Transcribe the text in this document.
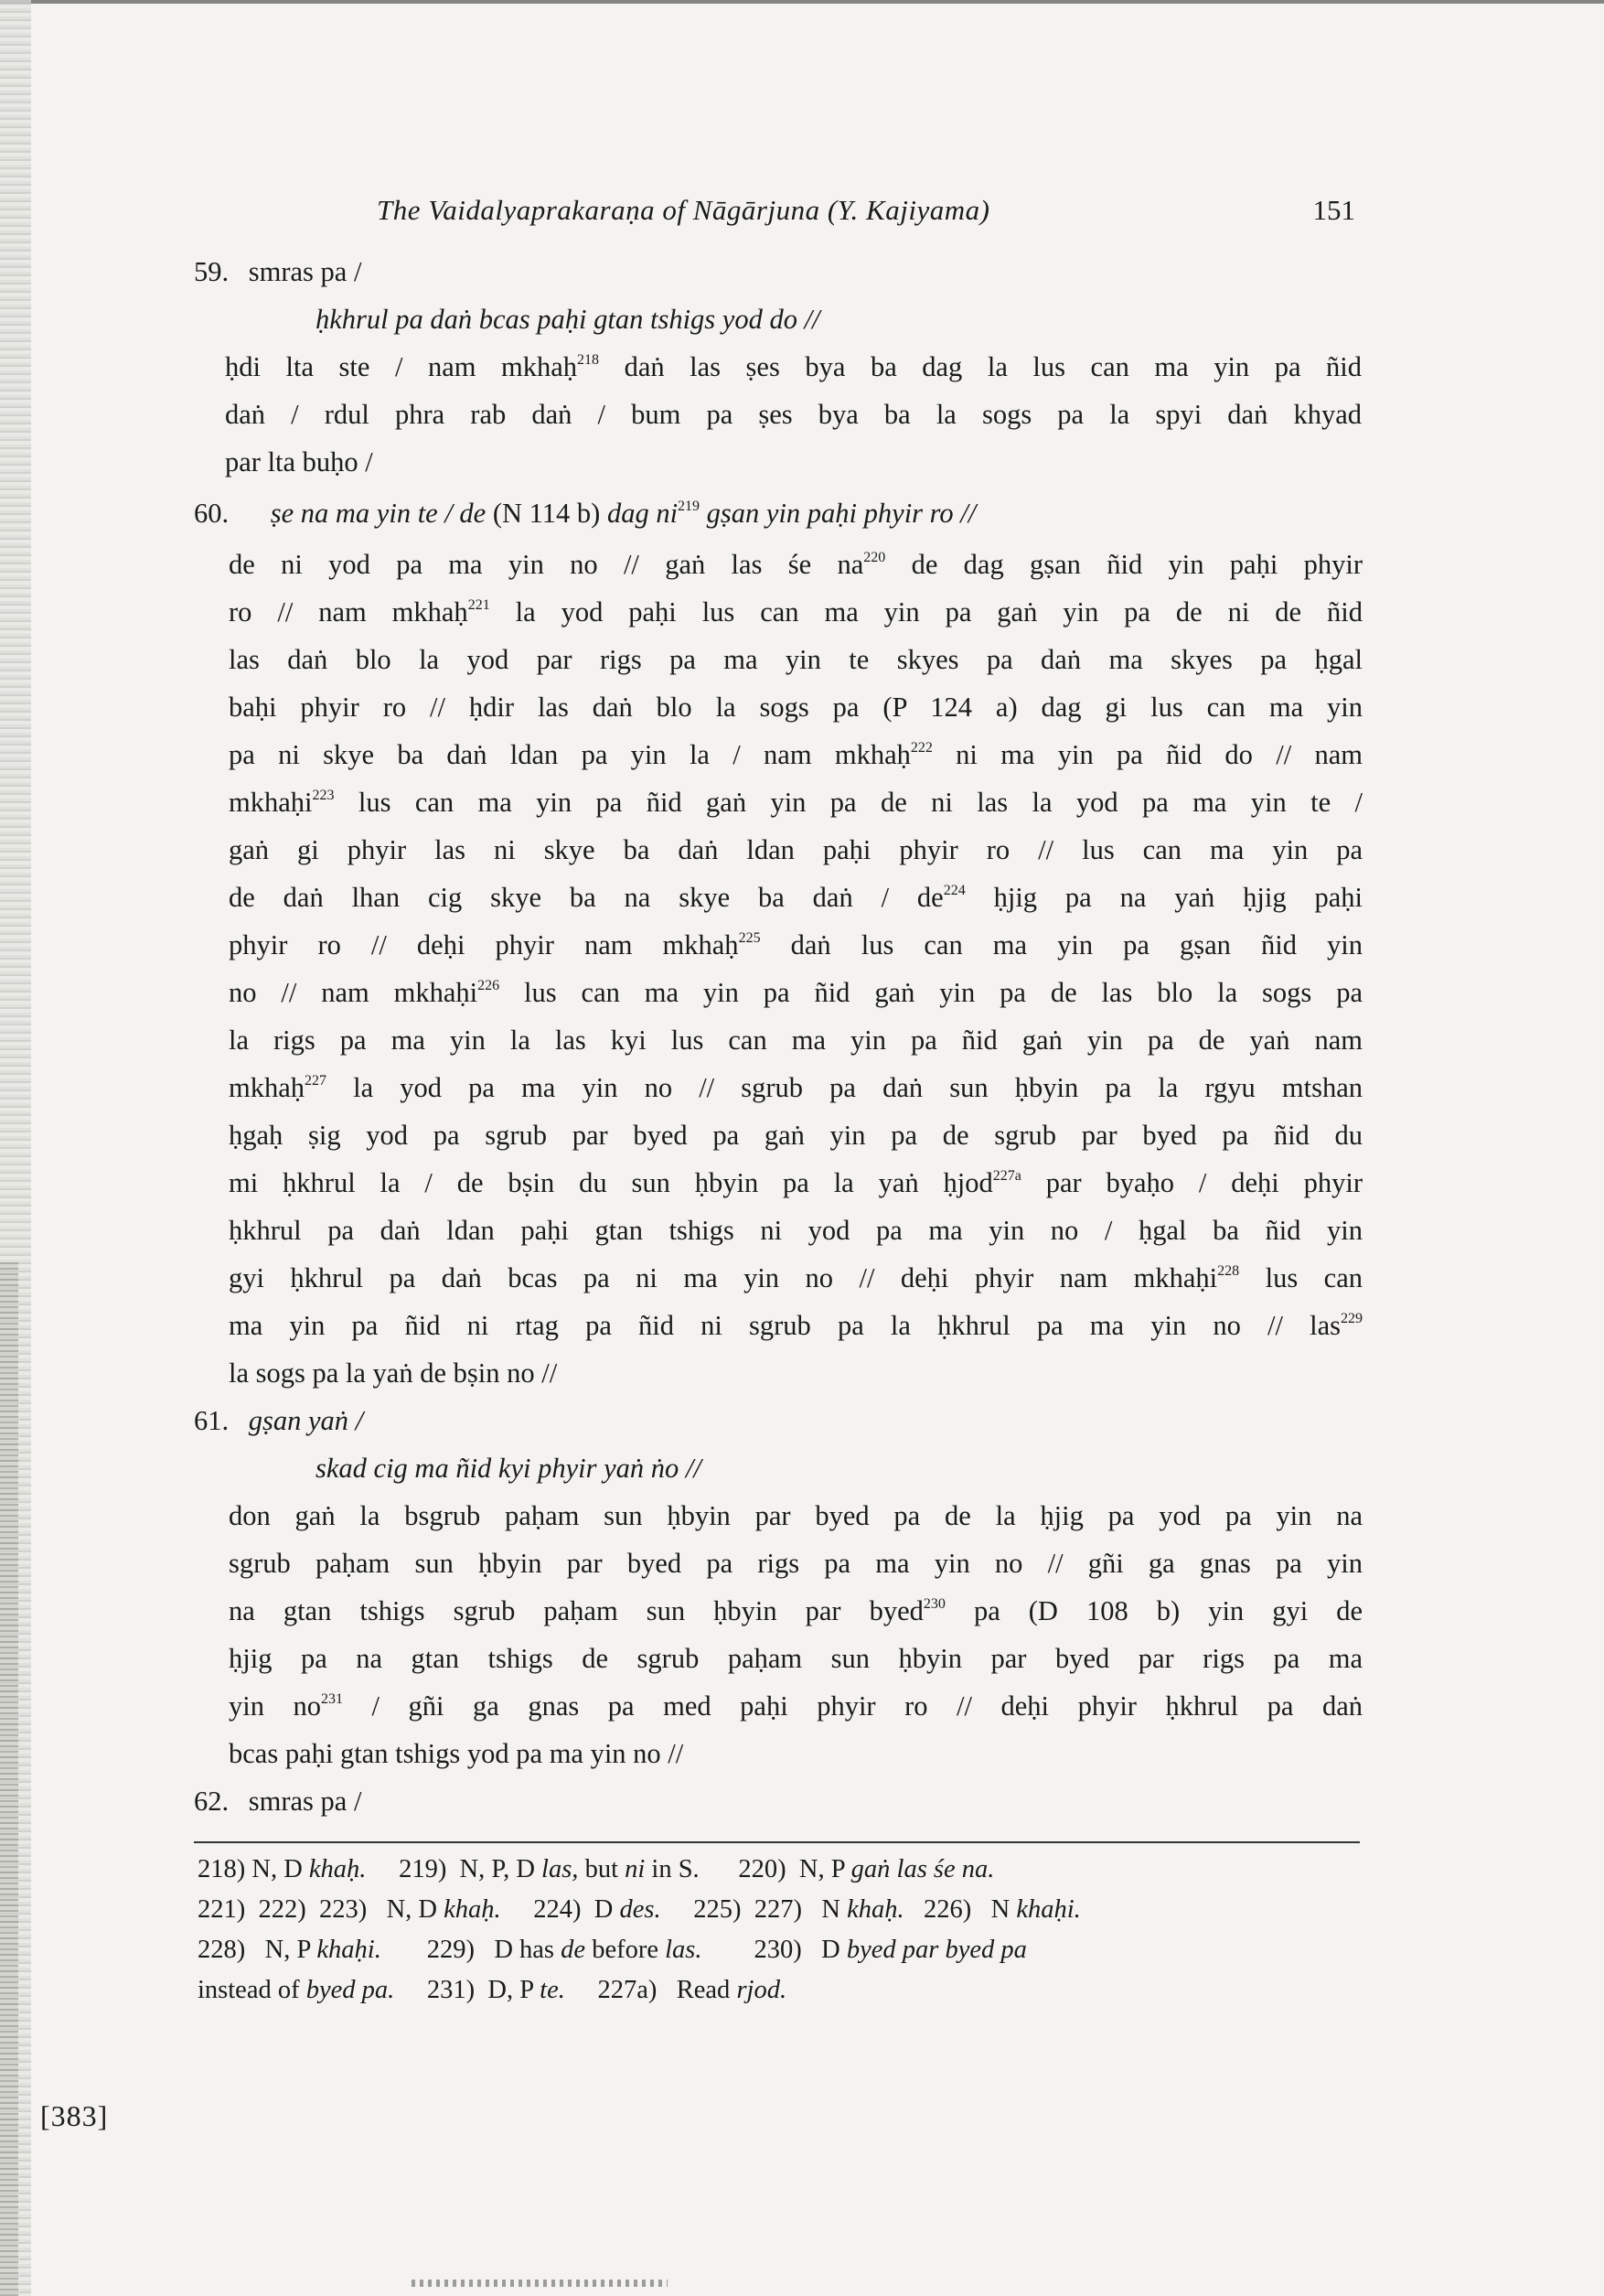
The Vaidalyaprakaraṇa of Nāgārjuna (Y. Kajiyama)	151
59. smras pa /
ḥkhrul pa daṅ bcas paḥi gtan tshigs yod do //
ḥdi lta ste / nam mkhaḥ$^{218}$ daṅ las ṣes bya ba dag la lus can ma yin pa ñid
daṅ / rdul phra rab daṅ / bum pa ṣes bya ba la sogs pa la spyi daṅ khyad
par lta buḥo /
60. ṣe na ma yin te / de (N 114 b) dag $ni^{219}$ gṣan yin paḥi phyir ro //
de ni yod pa ma yin no // gaṅ las śe $na^{220}$ de dag gṣan ñid yin paḥi phyir
ro // nam mkhaḥ$^{221}$ la yod paḥi lus can ma yin pa gaṅ yin pa de ni de ñid
las daṅ blo la yod par rigs pa ma yin te skyes pa daṅ ma skyes pa ḥgal
baḥi phyir ro // ḥdir las daṅ blo la sogs pa (P 124 a) dag gi lus can ma yin
pa ni skye ba daṅ ldan pa yin la / nam mkhaḥ$^{222}$ ni ma yin pa ñid do // nam
mkhaḥi$^{223}$ lus can ma yin pa ñid gaṅ yin pa de ni las la yod pa ma yin te /
gaṅ gi phyir las ni skye ba daṅ ldan paḥi phyir ro // lus can ma yin pa
de daṅ lhan cig skye ba na skye ba daṅ / $de^{224}$ ḥjig pa na yaṅ ḥjig paḥi
phyir ro // deḥi phyir nam mkhaḥ$^{225}$ daṅ lus can ma yin pa gṣan ñid yin
no // nam mkhaḥi$^{226}$ lus can ma yin pa ñid gaṅ yin pa de las blo la sogs pa
la rigs pa ma yin la las kyi lus can ma yin pa ñid gaṅ yin pa de yaṅ nam
mkhaḥ$^{227}$ la yod pa ma yin no // sgrub pa daṅ sun ḥbyin pa la rgyu mtshan
ḥgaḥ ṣig yod pa sgrub par byed pa gaṅ yin pa de sgrub par byed pa ñid du
mi ḥkhrul la / de bṣin du sun ḥbyin pa la yaṅ ḥjod$^{227a}$ par byaḥo / deḥi phyir
ḥkhrul pa daṅ ldan paḥi gtan tshigs ni yod pa ma yin no / ḥgal ba ñid yin
gyi ḥkhrul pa daṅ bcas pa ni ma yin no // deḥi phyir nam mkhaḥi$^{228}$ lus can
ma yin pa ñid ni rtag pa ñid ni sgrub pa la ḥkhrul pa ma yin no // las$^{229}$
la sogs pa la yaṅ de bṣin no //
61. gṣan yaṅ /
skad cig ma ñid kyi phyir yaṅ ṅo //
don gaṅ la bsgrub paḥam sun ḥbyin par byed pa de la ḥjig pa yod pa yin na
sgrub paḥam sun ḥbyin par byed pa rigs pa ma yin no // gñi ga gnas pa yin
na gtan tshigs sgrub paḥam sun ḥbyin par byed$^{230}$ pa (D 108 b) yin gyi de
ḥjig pa na gtan tshigs de sgrub paḥam sun ḥbyin par byed par rigs pa ma
yin $no^{231}$ / gñi ga gnas pa med paḥi phyir ro // deḥi phyir ḥkhrul pa daṅ
bcas paḥi gtan tshigs yod pa ma yin no //
62. smras pa /
218) N, D khaḥ.     219)  N, P, D las, but ni in S.      220)  N, P gaṅ las śe na.
221)  222)  223)   N, D khaḥ.     224)  D des.     225)  227)   N khaḥ.   226)   N khaḥi.
228)   N, P khaḥi.       229)   D has de before las.        230)   D byed par byed pa
instead of byed pa.     231)  D, P te.     227a)   Read rjod.
[383]
